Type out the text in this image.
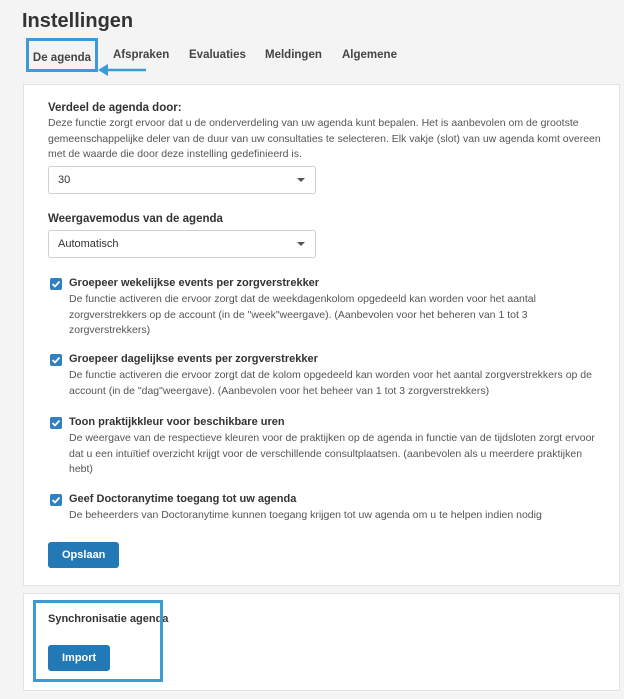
Instellingen
De agenda	Afspraken Evaluaties Meldingen Algemene
Verdeel de agenda door:
Deze functie zorgt ervoor dat u de onderverdeling van uw agenda kunt bepalen. Het is aanbevolen om de grootste gemeenschappelijke deler van de duur van uw consultaties te selecteren. Elk vakje (slot) van uw agenda komt overeen met de waarde die door deze instelling gedefinieerd is.
30
Weergavemodus van de agenda
Automatisch
Groepeer wekelijkse events per zorgverstrekker
De functie activeren die ervoor zorgt dat de weekdagenkolom opgedeeld kan worden voor het aantal zorgverstrekkers op de account (in de "week"weergave). (Aanbevolen voor het beheren van 1 tot 3 zorgverstrekkers)
Groepeer dagelijkse events per zorgverstrekker
De functie activeren die ervoor zorgt dat de kolom opgedeeld kan worden voor het aantal zorgverstrekkers op de account (in de "dag"weergave). (Aanbevolen voor het beheer van 1 tot 3 zorgverstrekkers)
Toon praktijkkleur voor beschikbare uren
De weergave van de respectieve kleuren voor de praktijken op de agenda in functie van de tijdsloten zorgt ervoor dat u een intuïtief overzicht krijgt voor de verschillende consultplaatsen. (aanbevolen als u meerdere praktijken hebt)
Geef Doctoranytime toegang tot uw agenda
De beheerders van Doctoranytime kunnen toegang krijgen tot uw agenda om u te helpen indien nodig
Opslaan
Synchronisatie agenda
Import
